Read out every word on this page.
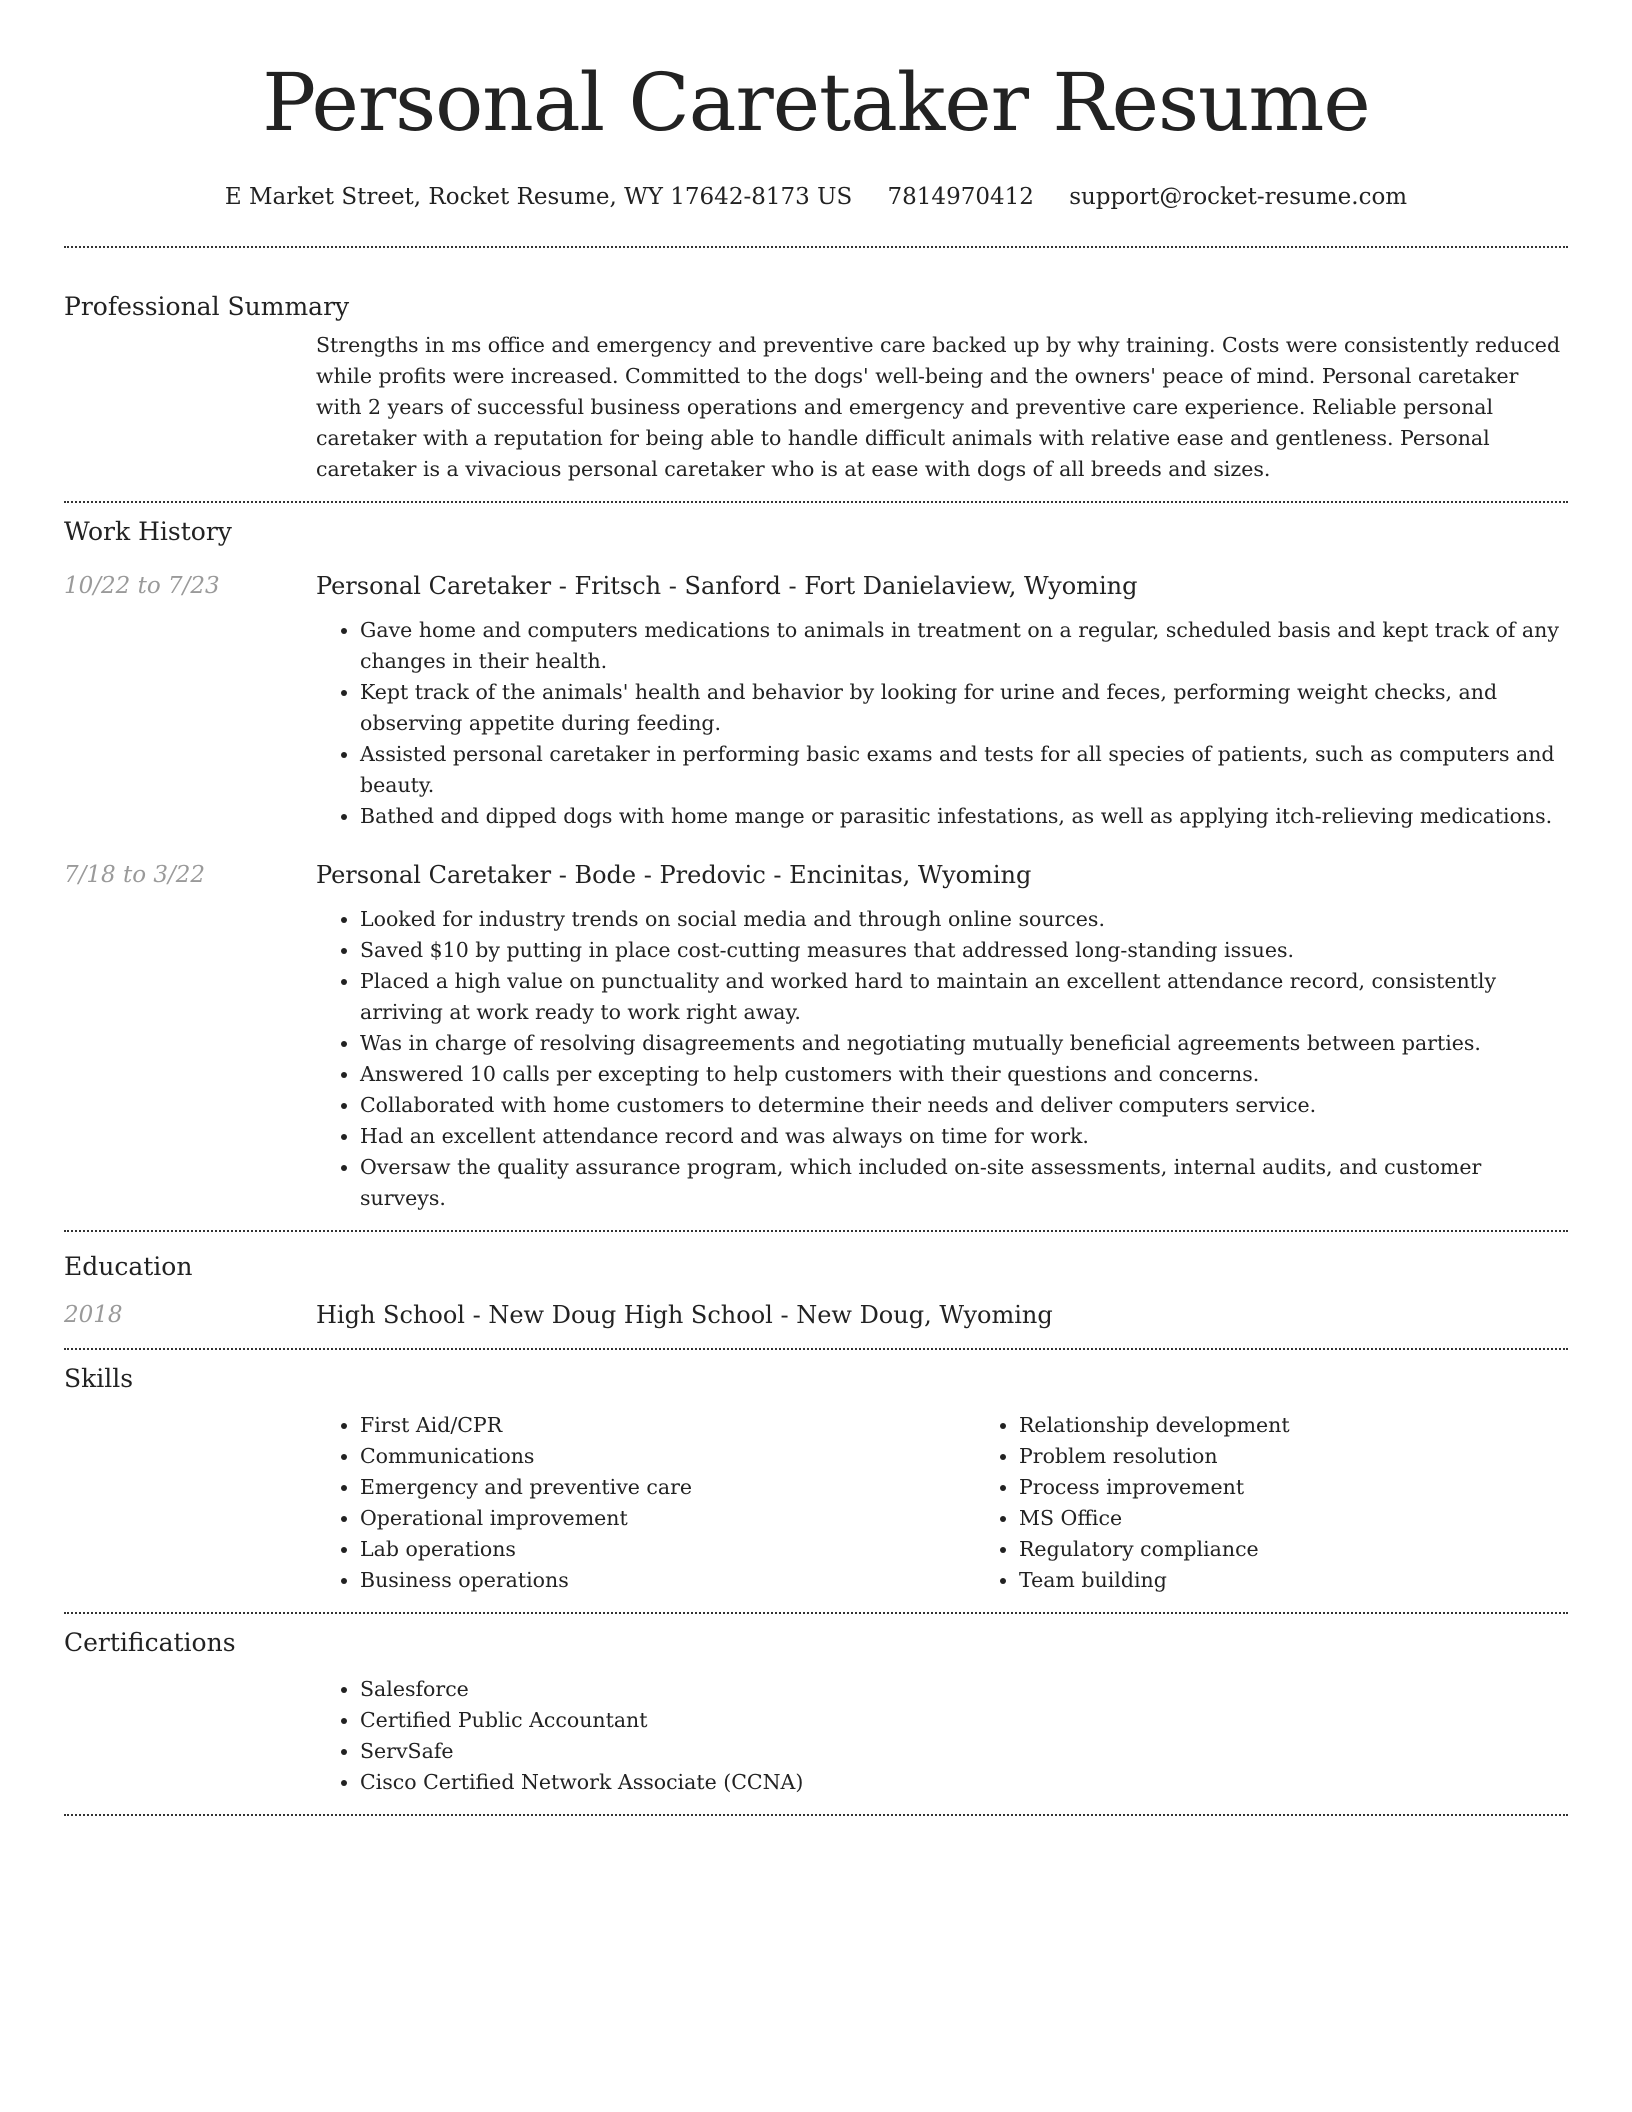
Personal Caretaker Resume
E Market Street, Rocket Resume, WY 17642-8173 US 7814970412 support@rocket-resume.com
Professional Summary

Strengths in ms office and emergency and preventive care backed up by why training. Costs were consistently reduced while profits were increased. Committed to the dogs' well-being and the owners' peace of mind. Personal caretaker with 2 years of successful business operations and emergency and preventive care experience. Reliable personal caretaker with a reputation for being able to handle difficult animals with relative ease and gentleness. Personal caretaker is a vivacious personal caretaker who is at ease with dogs of all breeds and sizes.

Work History
10/22 to 7/23	Personal Caretaker - Fritsch - Sanford - Fort Danielaview, Wyoming
• Gave home and computers medications to animals in treatment on a regular, scheduled basis and kept track of any changes in their health.
• Kept track of the animals' health and behavior by looking for urine and feces, performing weight checks, and observing appetite during feeding.
• Assisted personal caretaker in performing basic exams and tests for all species of patients, such as computers and beauty.
• Bathed and dipped dogs with home mange or parasitic infestations, as well as applying itch-relieving medications.
7/18 to 3/22	Personal Caretaker - Bode - Predovic - Encinitas, Wyoming
• Looked for industry trends on social media and through online sources.
• Saved $10 by putting in place cost-cutting measures that addressed long-standing issues.
• Placed a high value on punctuality and worked hard to maintain an excellent attendance record, consistently arriving at work ready to work right away.
• Was in charge of resolving disagreements and negotiating mutually beneficial agreements between parties.
• Answered 10 calls per excepting to help customers with their questions and concerns.
• Collaborated with home customers to determine their needs and deliver computers service.
• Had an excellent attendance record and was always on time for work.
• Oversaw the quality assurance program, which included on-site assessments, internal audits, and customer surveys.
Education
2018	High School - New Doug High School - New Doug, Wyoming
Skills
• First Aid/CPR
• Communications
• Emergency and preventive care
• Operational improvement
• Lab operations
• Business operations
• Relationship development
• Problem resolution
• Process improvement
• MS Office
• Regulatory compliance
• Team building
Certifications
• Salesforce
• Certified Public Accountant
• ServSafe
• Cisco Certified Network Associate (CCNA)
